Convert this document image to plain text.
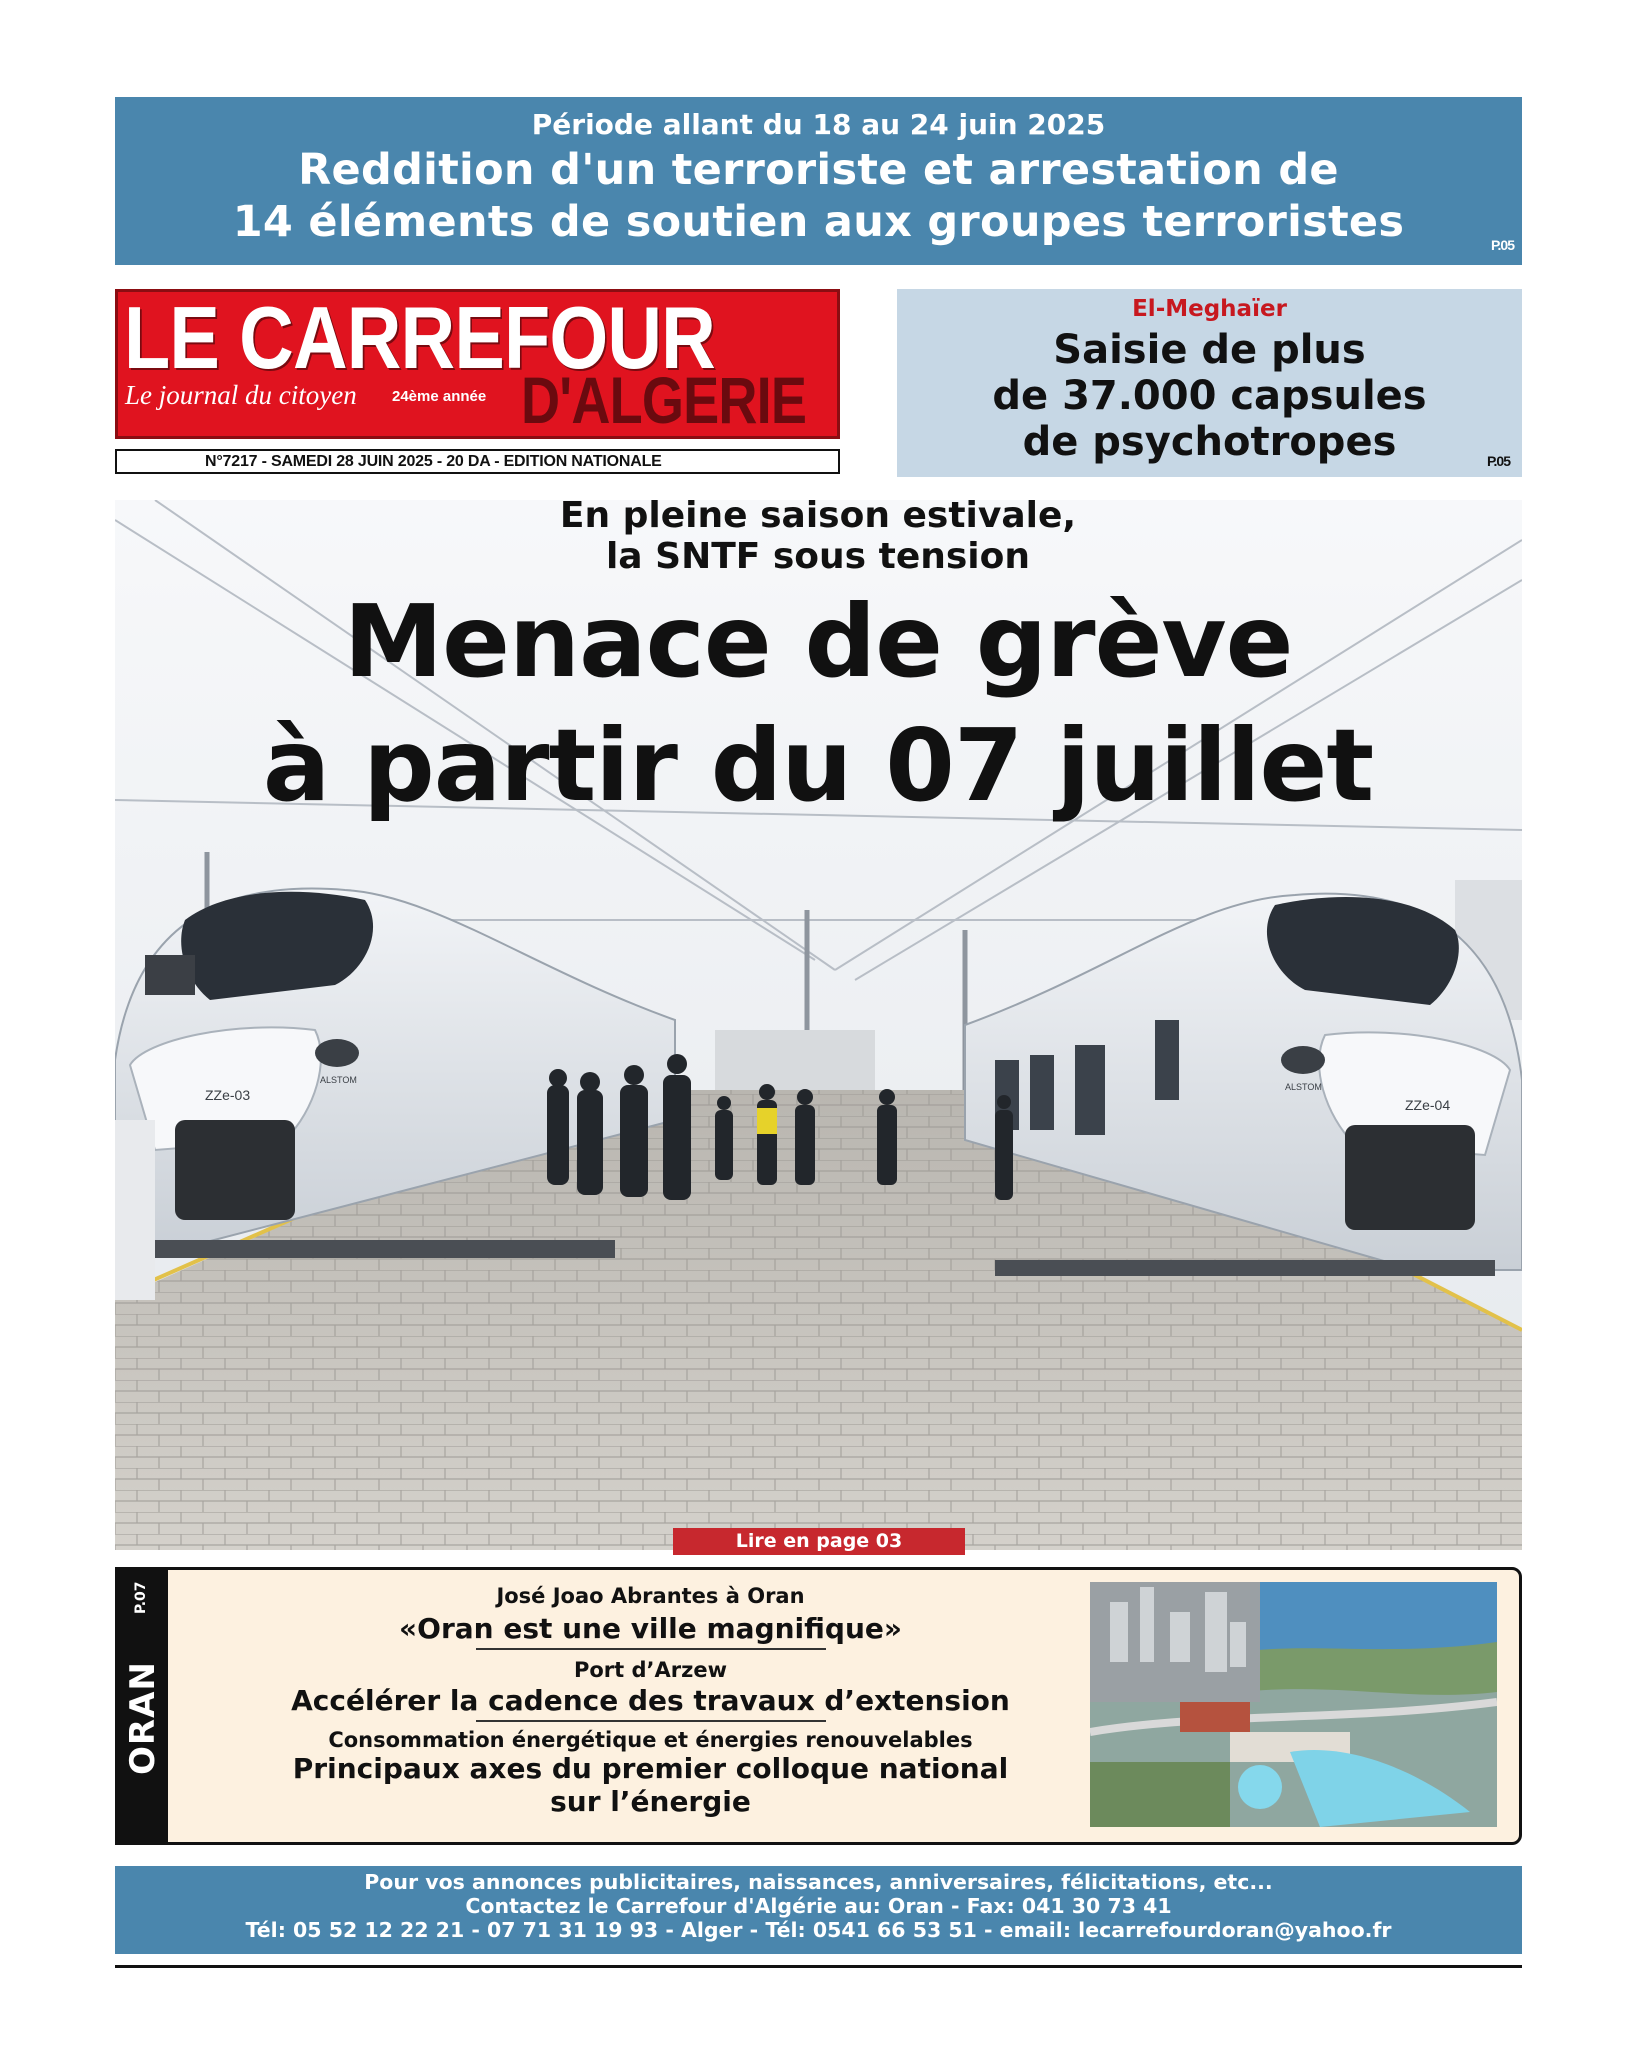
Période allant du 18 au 24 juin 2025
Reddition d'un terroriste et arrestation de
14 éléments de soutien aux groupes terroristes	P.05
LE CARREFOUR
Le journal du citoyen 24ème année D'ALGERIE
N°7217 - SAMEDI 28 JUIN 2025 - 20 DA - EDITION NATIONALE
El-Meghaïer
Saisie de plus
de 37.000 capsules
de psychotropes	P.05
ZZe-03
ZZe-04
ALSTOM
ALSTOM
En pleine saison estivale,
la SNTF sous tension
Menace de grève
à partir du 07 juillet
Lire en page 03
ORAN
P.07	José Joao Abrantes à Oran
«Oran est une ville magnifique»
Port d’Arzew
Accélérer la cadence des travaux d’extension
Consommation énergétique et énergies renouvelables
Principaux axes du premier colloque national
sur l’énergie
Pour vos annonces publicitaires, naissances, anniversaires, félicitations, etc...
Contactez le Carrefour d'Algérie au: Oran - Fax: 041 30 73 41
Tél: 05 52 12 22 21 - 07 71 31 19 93 - Alger - Tél: 0541 66 53 51 - email: lecarrefourdoran@yahoo.fr
